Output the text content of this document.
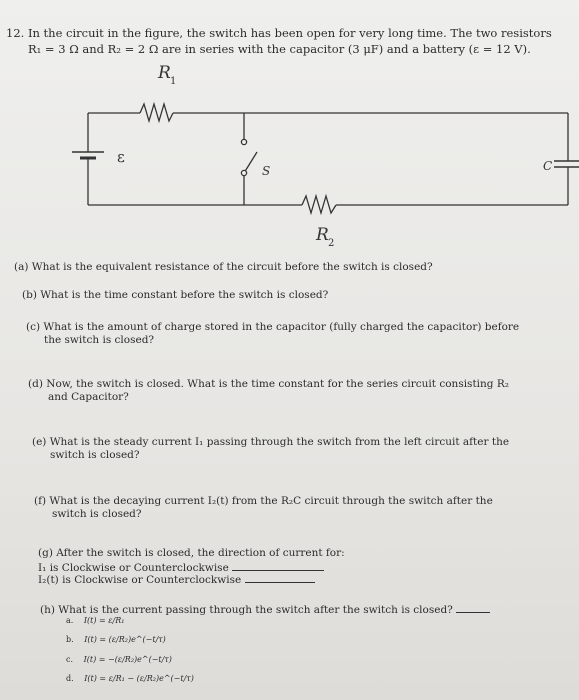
12. In the circuit in the figure, the switch has been open for very long time. The two resistors
R₁ = 3 Ω and R₂ = 2 Ω are in series with the capacitor (3 μF) and a battery (ε = 12 V).
R 1
ε
S	C
R 2
(a) What is the equivalent resistance of the circuit before the switch is closed?
(b) What is the time constant before the switch is closed?
(c) What is the amount of charge stored in the capacitor (fully charged the capacitor) before
the switch is closed?
(d) Now, the switch is closed. What is the time constant for the series circuit consisting R₂
and Capacitor?
(e) What is the steady current I₁ passing through the switch from the left circuit after the
switch is closed?
(f) What is the decaying current I₂(t) from the R₂C circuit through the switch after the
switch is closed?
(g) After the switch is closed, the direction of current for:
I₁ is Clockwise or Counterclockwise
I₂(t) is Clockwise or Counterclockwise
(h) What is the current passing through the switch after the switch is closed?
a. I(t) = ε/R₁
b. I(t) = (ε/R₂)e^(−t/τ)
c. I(t) = −(ε/R₂)e^(−t/τ)
d. I(t) = ε/R₁ − (ε/R₂)e^(−t/τ)
